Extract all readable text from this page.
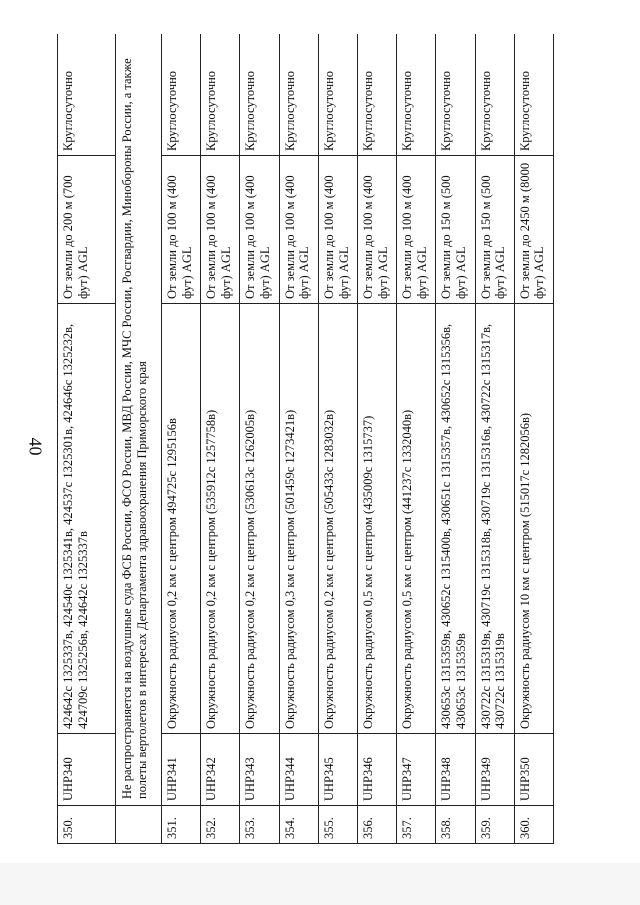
40
350.	UHP340	424642с 1325337в, 424540с 1325341в, 424537с 1325301в, 424646с 1325232в, 424709с 1325256в, 424642с 1325337в	От земли до 200 м (700 фут) AGL	Круглосуточно
	Не распространяется на воздушные суда ФСБ России, ФСО России, МВД России, МЧС России, Росгвардии, Минобороны России, а также полеты вертолетов в интересах Департамента здравоохранения Приморского края			
351.	UHP341	Окружность радиусом 0,2 км с центром 494725с 1295156в	От земли до 100 м (400 фут) AGL	Круглосуточно
352.	UHP342	Окружность радиусом 0,2 км с центром (535912с 1257758в)	От земли до 100 м (400 фут) AGL	Круглосуточно
353.	UHP343	Окружность радиусом 0,2 км с центром (530613с 1262005в)	От земли до 100 м (400 фут) AGL	Круглосуточно
354.	UHP344	Окружность радиусом 0,3 км с центром (501459с 1273421в)	От земли до 100 м (400 фут) AGL	Круглосуточно
355.	UHP345	Окружность радиусом 0,2 км с центром (505433с 1283032в)	От земли до 100 м (400 фут) AGL	Круглосуточно
356.	UHP346	Окружность радиусом 0,5 км с центром (435009с 1315737)	От земли до 100 м (400 фут) AGL	Круглосуточно
357.	UHP347	Окружность радиусом 0,5 км с центром (441237с 1332040в)	От земли до 100 м (400 фут) AGL	Круглосуточно
358.	UHP348	430653с 1315359в, 430652с 1315400в, 430651с 1315357в, 430652с 1315356в, 430653с 1315359в	От земли до 150 м (500 фут) AGL	Круглосуточно
359.	UHP349	430722с 1315319в, 430719с 1315318в, 430719с 1315316в, 430722с 1315317в, 430722с 1315319в	От земли до 150 м (500 фут) AGL	Круглосуточно
360.	UHP350	Окружность радиусом 10 км с центром (515017с 1282056в)	От земли до 2450 м (8000 фут) AGL	Круглосуточно
